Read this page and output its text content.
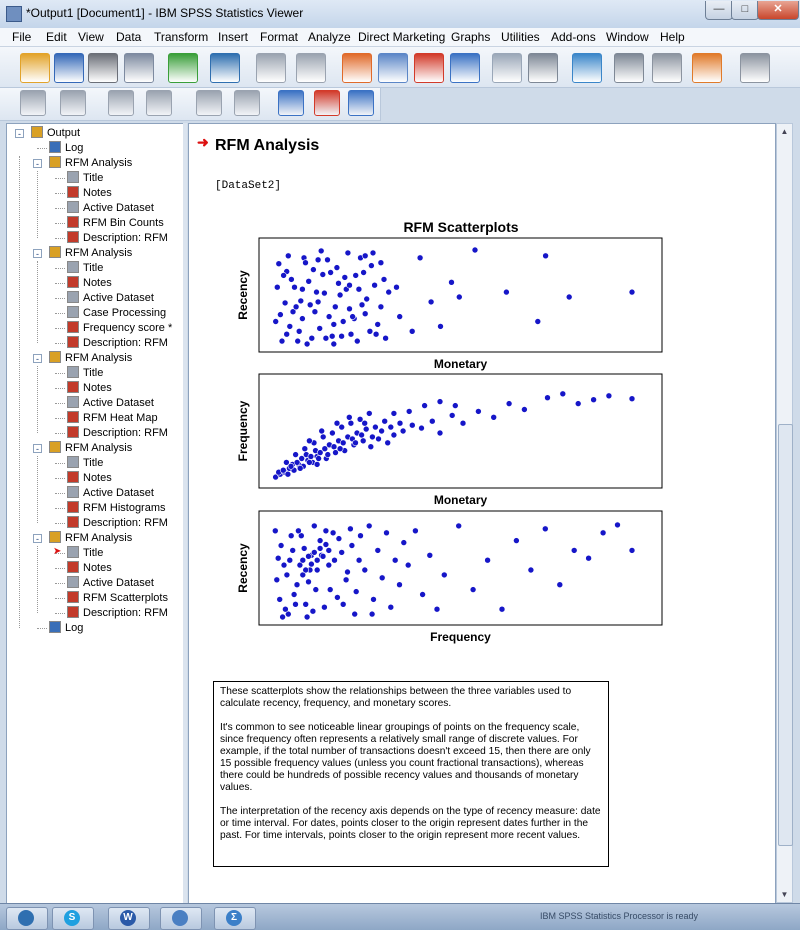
*Output1 [Document1] - IBM SPSS Statistics Viewer	—	□	✕
File Edit View Data Transform Insert Format Analyze Direct Marketing Graphs Utilities Add-ons Window Help
-	Output
Log
-	RFM Analysis
Title
Notes
Active Dataset
RFM Bin Counts
Description: RFM
-	RFM Analysis
Title
Notes
Active Dataset
Case Processing
Frequency score *
Description: RFM
-	RFM Analysis
Title
Notes
Active Dataset
RFM Heat Map
Description: RFM
-	RFM Analysis
Title
Notes
Active Dataset
RFM Histograms
Description: RFM
-	RFM Analysis
➤	Title
Notes
Active Dataset
RFM Scatterplots
Description: RFM
Log
➜ RFM Analysis
[DataSet2]
RFM Scatterplots
Monetary
Recency
Monetary
Frequency
Frequency
Recency

These scatterplots show the relationships between the three variables used to calculate recency, frequency, and monetary scores.

It's common to see noticeable linear groupings of points on the frequency scale, since frequency often represents a relatively small range of discrete values. For example, if the total number of transactions doesn't exceed 15, then there are only 15 possible frequency values (unless you count fractional transactions), whereas there could be hundreds of possible recency values and thousands of monetary values.

The interpretation of the recency axis depends on the type of recency measure: date or time interval. For dates, points closer to the origin represent dates further in the past. For time intervals, points closer to the origin represent more recent values.

▲
▼
IBM SPSS Statistics Processor is ready
S	W	Σ
